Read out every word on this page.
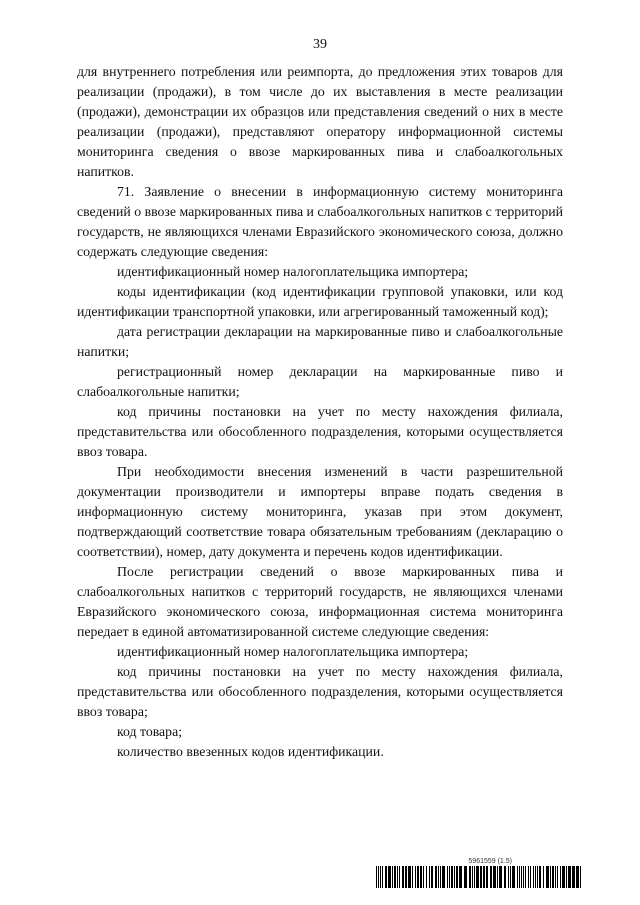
39

для внутреннего потребления или реимпорта, до предложения этих товаров для реализации (продажи), в том числе до их выставления в месте реализации (продажи), демонстрации их образцов или представления сведений о них в месте реализации (продажи), представляют оператору информационной системы мониторинга сведения о ввозе маркированных пива и слабоалкогольных напитков.

71. Заявление о внесении в информационную систему мониторинга сведений о ввозе маркированных пива и слабоалкогольных напитков с территорий государств, не являющихся членами Евразийского экономического союза, должно содержать следующие сведения:

идентификационный номер налогоплательщика импортера;

коды идентификации (код идентификации групповой упаковки, или код идентификации транспортной упаковки, или агрегированный таможенный код);

дата регистрации декларации на маркированные пиво и слабоалкогольные напитки;

регистрационный номер декларации на маркированные пиво и слабоалкогольные напитки;

код причины постановки на учет по месту нахождения филиала, представительства или обособленного подразделения, которыми осуществляется ввоз товара.

При необходимости внесения изменений в части разрешительной документации производители и импортеры вправе подать сведения в информационную систему мониторинга, указав при этом документ, подтверждающий соответствие товара обязательным требованиям (декларацию о соответствии), номер, дату документа и перечень кодов идентификации.

После регистрации сведений о ввозе маркированных пива и слабоалкогольных напитков с территорий государств, не являющихся членами Евразийского экономического союза, информационная система мониторинга передает в единой автоматизированной системе следующие сведения:

идентификационный номер налогоплательщика импортера;

код причины постановки на учет по месту нахождения филиала, представительства или обособленного подразделения, которыми осуществляется ввоз товара;

код товара;

количество ввезенных кодов идентификации.

5961559 (1.5)
